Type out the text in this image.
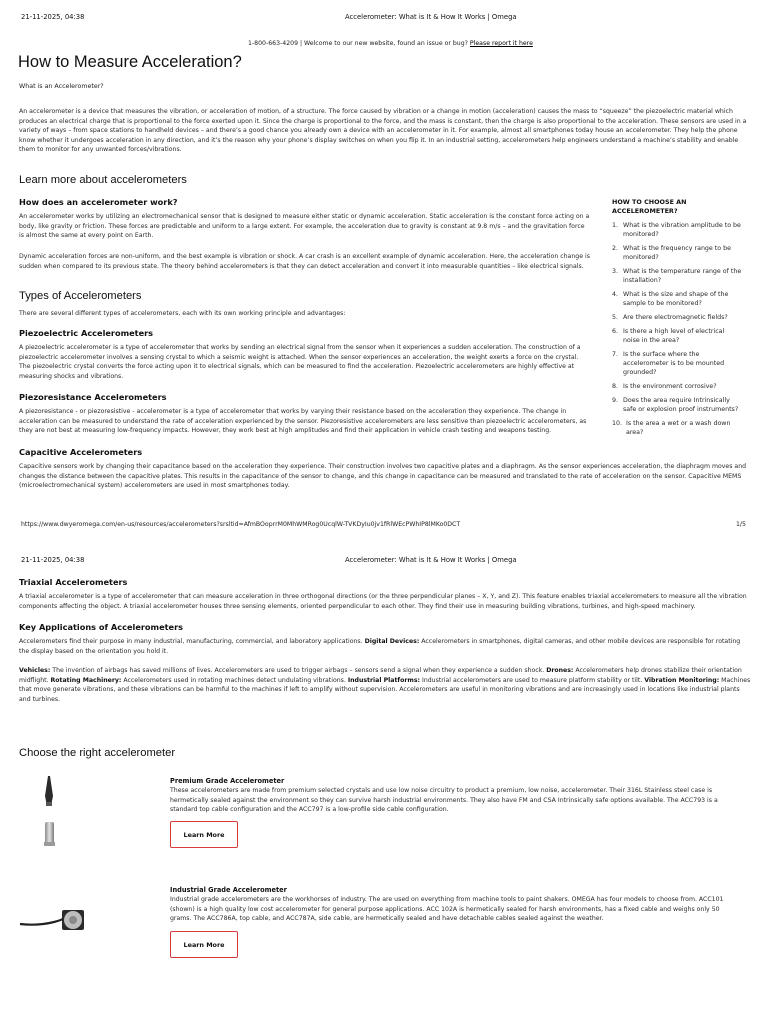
21-11-2025, 04:38	Accelerometer: What is It & How It Works | Omega
1-800-663-4209 | Welcome to our new website, found an issue or bug? Please report it here
How to Measure Acceleration?
What is an Accelerometer?
An accelerometer is a device that measures the vibration, or acceleration of motion, of a structure. The force caused by vibration or a change in motion (acceleration) causes the mass to “squeeze” the piezoelectric material which produces an electrical charge that is proportional to the force exerted upon it. Since the charge is proportional to the force, and the mass is constant, then the charge is also proportional to the acceleration. These sensors are used in a variety of ways – from space stations to handheld devices – and there’s a good chance you already own a device with an accelerometer in it. For example, almost all smartphones today house an accelerometer. They help the phone know whether it undergoes acceleration in any direction, and it’s the reason why your phone’s display switches on when you flip it. In an industrial setting, accelerometers help engineers understand a machine’s stability and enable them to monitor for any unwanted forces/vibrations.
Learn more about accelerometers
How does an accelerometer work?
An accelerometer works by utilizing an electromechanical sensor that is designed to measure either static or dynamic acceleration. Static acceleration is the constant force acting on a body, like gravity or friction. These forces are predictable and uniform to a large extent. For example, the acceleration due to gravity is constant at 9.8 m/s – and the gravitation force is almost the same at every point on Earth.
Dynamic acceleration forces are non-uniform, and the best example is vibration or shock. A car crash is an excellent example of dynamic acceleration. Here, the acceleration change is sudden when compared to its previous state. The theory behind accelerometers is that they can detect acceleration and convert it into measurable quantities – like electrical signals.
Types of Accelerometers
There are several different types of accelerometers, each with its own working principle and advantages:
Piezoelectric Accelerometers
A piezoelectric accelerometer is a type of accelerometer that works by sending an electrical signal from the sensor when it experiences a sudden acceleration. The construction of a piezoelectric accelerometer involves a sensing crystal to which a seismic weight is attached. When the sensor experiences an acceleration, the weight exerts a force on the crystal. The piezoelectric crystal converts the force acting upon it to electrical signals, which can be measured to find the acceleration. Piezoelectric accelerometers are highly effective at measuring shocks and vibrations.
Piezoresistance Accelerometers
A piezoresistance - or piezoresistive - accelerometer is a type of accelerometer that works by varying their resistance based on the acceleration they experience. The change in acceleration can be measured to understand the rate of acceleration experienced by the sensor. Piezoresistive accelerometers are less sensitive than piezoelectric accelerometers, as they are not best at measuring low-frequency impacts. However, they work best at high amplitudes and find their application in vehicle crash testing and weapons testing.
Capacitive Accelerometers
Capacitive sensors work by changing their capacitance based on the acceleration they experience. Their construction involves two capacitive plates and a diaphragm. As the sensor experiences acceleration, the diaphragm moves and changes the distance between the capacitive plates. This results in the capacitance of the sensor to change, and this change in capacitance can be measured and translated to the rate of acceleration on the sensor. Capacitive MEMS (microelectromechanical system) accelerometers are used in most smartphones today.
HOW TO CHOOSE AN ACCELEROMETER?
1. What is the vibration amplitude to be monitored?
2. What is the frequency range to be monitored?
3. What is the temperature range of the installation?
4. What is the size and shape of the sample to be monitored?
5. Are there electromagnetic fields?
6. Is there a high level of electrical noise in the area?
7. Is the surface where the accelerometer is to be mounted grounded?
8. Is the environment corrosive?
9. Does the area require Intrinsically safe or explosion proof instruments?
10. Is the area a wet or a wash down area?
https://www.dwyeromega.com/en-us/resources/accelerometers?srsltid=AfmBOoprrM0MhWMRog0UcqlW-TVKDyIu0jv1fRlWEcPWhIP8lMKo0DCT	1/5
21-11-2025, 04:38	Accelerometer: What is It & How It Works | Omega
Triaxial Accelerometers
A triaxial accelerometer is a type of accelerometer that can measure acceleration in three orthogonal directions (or the three perpendicular planes – X, Y, and Z). This feature enables triaxial accelerometers to measure all the vibration components affecting the object. A triaxial accelerometer houses three sensing elements, oriented perpendicular to each other. They find their use in measuring building vibrations, turbines, and high-speed machinery.
Key Applications of Accelerometers
Accelerometers find their purpose in many industrial, manufacturing, commercial, and laboratory applications. Digital Devices: Accelerometers in smartphones, digital cameras, and other mobile devices are responsible for rotating the display based on the orientation you hold it.
Vehicles: The invention of airbags has saved millions of lives. Accelerometers are used to trigger airbags – sensors send a signal when they experience a sudden shock. Drones: Accelerometers help drones stabilize their orientation midflight. Rotating Machinery: Accelerometers used in rotating machines detect undulating vibrations. Industrial Platforms: Industrial accelerometers are used to measure platform stability or tilt. Vibration Monitoring: Machines that move generate vibrations, and these vibrations can be harmful to the machines if left to amplify without supervision. Accelerometers are useful in monitoring vibrations and are increasingly used in locations like industrial plants and turbines.
Choose the right accelerometer
Premium Grade Accelerometer
These accelerometers are made from premium selected crystals and use low noise circuitry to product a premium, low noise, accelerometer. Their 316L Stainless steel case is hermetically sealed against the environment so they can survive harsh industrial environments. They also have FM and CSA Intrinsically safe options available. The ACC793 is a standard top cable configuration and the ACC797 is a low-profile side cable configuration.
Learn More
Industrial Grade Accelerometer
Industrial grade accelerometers are the workhorses of industry. The are used on everything from machine tools to paint shakers. OMEGA has four models to choose from. ACC101 (shown) is a high quality low cost accelerometer for general purpose applications. ACC 102A is hermetically sealed for harsh environments, has a fixed cable and weighs only 50 grams. The ACC786A, top cable, and ACC787A, side cable, are hermetically sealed and have detachable cables sealed against the weather.
Learn More
